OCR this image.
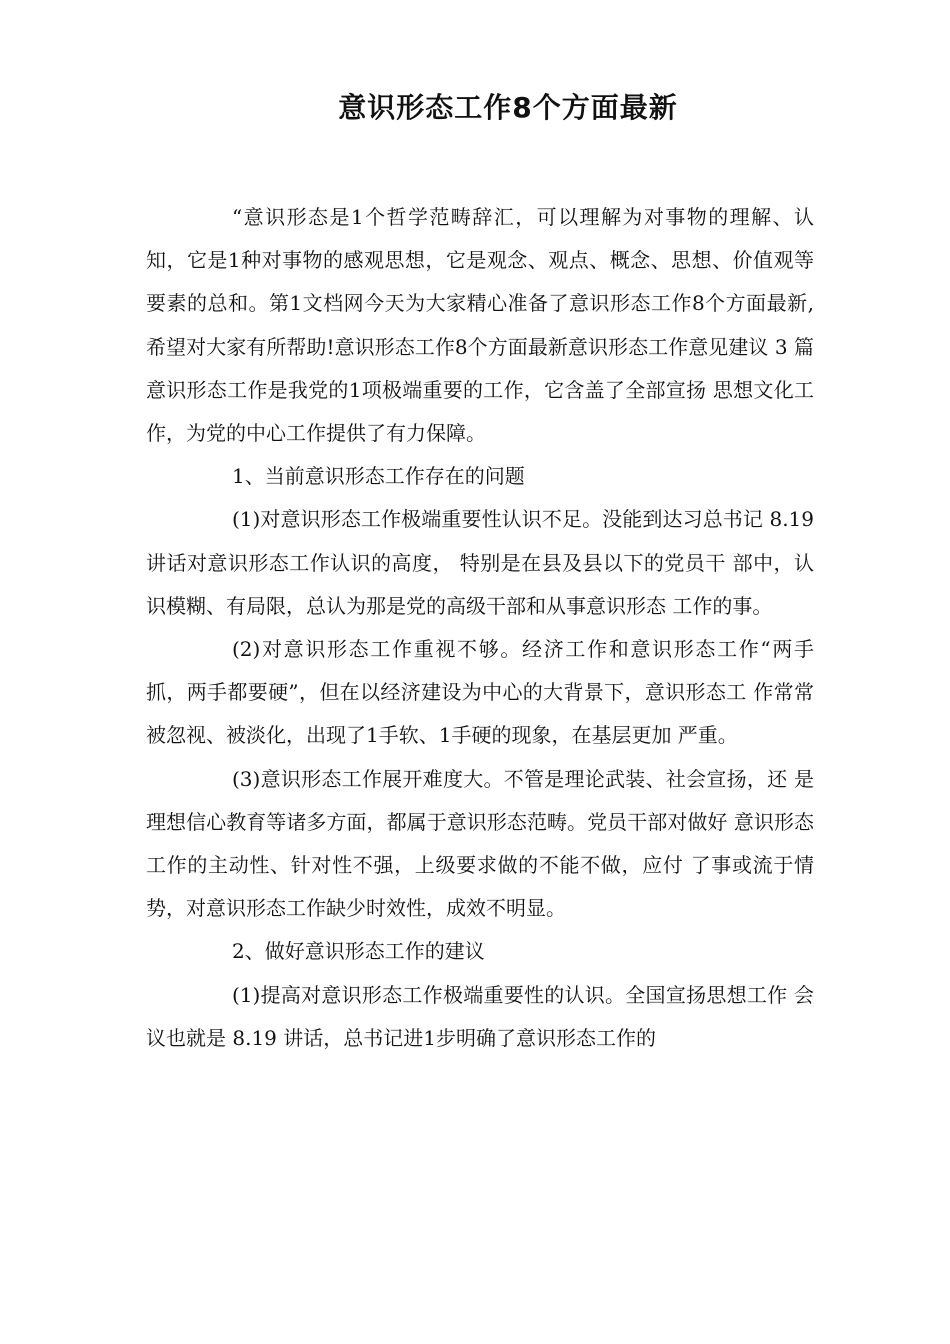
意识形态工作8个方面最新

“意识形态是1个哲学范畴辞汇，可以理解为对事物的理解、认知，它是1种对事物的感观思想，它是观念、观点、概念、思想、价值观等要素的总和。第1文档网今天为大家精心准备了意识形态工作8个方面最新,希望对大家有所帮助!意识形态工作8个方面最新意识形态工作意见建议 3 篇 意识形态工作是我党的1项极端重要的工作，它含盖了全部宣扬 思想文化工作，为党的中心工作提供了有力保障。

1、当前意识形态工作存在的问题

(1)对意识形态工作极端重要性认识不足。没能到达习总书记 8.19 讲话对意识形态工作认识的高度， 特别是在县及县以下的党员干 部中，认识模糊、有局限，总认为那是党的高级干部和从事意识形态 工作的事。

(2)对意识形态工作重视不够。经济工作和意识形态工作“两手 抓，两手都要硬”，但在以经济建设为中心的大背景下，意识形态工 作常常被忽视、被淡化，出现了1手软、1手硬的现象，在基层更加 严重。

(3)意识形态工作展开难度大。不管是理论武装、社会宣扬，还 是理想信心教育等诸多方面，都属于意识形态范畴。党员干部对做好 意识形态工作的主动性、针对性不强，上级要求做的不能不做，应付 了事或流于情势，对意识形态工作缺少时效性，成效不明显。

2、做好意识形态工作的建议

(1)提高对意识形态工作极端重要性的认识。全国宣扬思想工作 会议也就是 8.19 讲话，总书记进1步明确了意识形态工作的
